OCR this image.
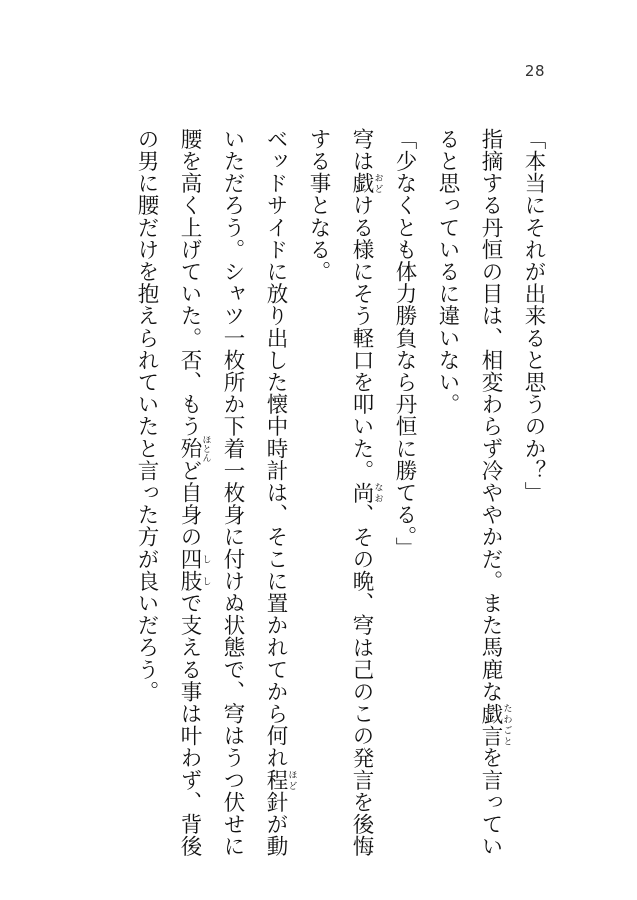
28

「本当にそれが出来ると思うのか？」

指摘する丹恒の目は、相変わらず冷ややかだ。また馬鹿な戯言たわごとを言っていると思っているに違いない。

「少なくとも体力勝負なら丹恒に勝てる。」

穹は戯おどける様にそう軽口を叩いた。尚なお、その晩、穹は己のこの発言を後悔する事となる。

ベッドサイドに放り出した懐中時計は、そこに置かれてから何れ程ほど針が動いただろう。シャツ一枚所か下着一枚身に付けぬ状態で、穹はうつ伏せに腰を高く上げていた。否、もう殆ほとんど自身の四肢ししで支える事は叶わず、背後の男に腰だけを抱えられていたと言った方が良いだろう。
